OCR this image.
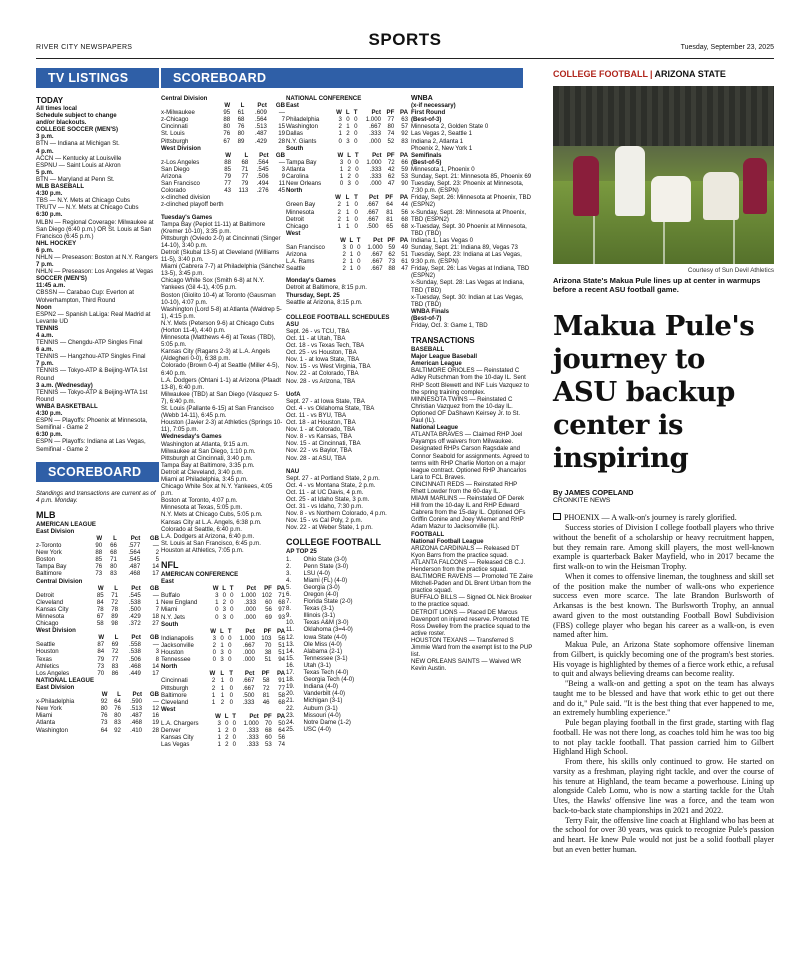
RIVER CITY NEWSPAPERS	SPORTS	Tuesday, September 23, 2025
TV LISTINGS
TODAY
All times local
Schedule subject to change
and/or blackouts.
COLLEGE SOCCER (MEN'S)
3 p.m.
BTN — Indiana at Michigan St.
4 p.m.
ACCN — Kentucky at Louisville
ESPNU — Saint Louis at Akron
5 p.m.
BTN — Maryland at Penn St.
MLB BASEBALL
4:30 p.m.
TBS — N.Y. Mets at Chicago Cubs
TRUTV — N.Y. Mets at Chicago Cubs
6:30 p.m.
MLBN — Regional Coverage: Milwaukee at San Diego (6:40 p.m.) OR St. Louis at San Francisco (6:45 p.m.)
NHL HOCKEY
6 p.m.
NHLN — Preseason: Boston at N.Y. Rangers
7 p.m.
NHLN — Preseason: Los Angeles at Vegas
SOCCER (MEN'S)
11:45 a.m.
CBSSN — Carabao Cup: Everton at Wolverhampton, Third Round
Noon
ESPN2 — Spanish LaLiga: Real Madrid at Levante UD
TENNIS
4 a.m.
TENNIS — Chengdu-ATP Singles Final
6 a.m.
TENNIS — Hangzhou-ATP Singles Final
7 p.m.
TENNIS — Tokyo-ATP & Beijing-WTA 1st Round
3 a.m. (Wednesday)
TENNIS — Tokyo-ATP & Beijing-WTA 1st Round
WNBA BASKETBALL
4:30 p.m.
ESPN — Playoffs: Phoenix at Minnesota, Semifinal - Game 2
6:30 p.m.
ESPN — Playoffs: Indiana at Las Vegas, Semifinal - Game 2
SCOREBOARD
Standings and transactions are current as of 4 p.m. Monday.
MLB
AMERICAN LEAGUE
East Division
	W	L	Pct	GB
z-Toronto	90	66	.577	—
New York	88	68	.564	2
Boston	85	71	.545	5
Tampa Bay	76	80	.487	14
Baltimore	73	83	.468	17
Central Division
	W	L	Pct	GB
Detroit	85	71	.545	—
Cleveland	84	72	.538	1
Kansas City	78	78	.500	7
Minnesota	67	89	.429	18
Chicago	58	98	.372	27
West Division
	W	L	Pct	GB
Seattle	87	69	.558	—
Houston	84	72	.538	3
Texas	79	77	.506	8
Athletics	73	83	.468	14
Los Angeles	70	86	.449	17
NATIONAL LEAGUE
East Division
	W	L	Pct	GB
x-Philadelphia	92	64	.590	—
New York	80	76	.513	12
Miami	76	80	.487	16
Atlanta	73	83	.468	19
Washington	64	92	.410	28
SCOREBOARD
Central Division
	W	L	Pct	GB
x-Milwaukee	95	61	.609	—
z-Chicago	88	68	.564	7
Cincinnati	80	76	.513	15
St. Louis	76	80	.487	19
Pittsburgh	67	89	.429	28
West Division
	W	L	Pct	GB
z-Los Angeles	88	68	.564	—
San Diego	85	71	.545	3
Arizona	79	77	.506	9
San Francisco	77	79	.494	11
Colorado	43	113	.276	45
x-clinched division
z-clinched playoff berth
Tuesday's Games
Tampa Bay (Pepiot 11-11) at Baltimore (Kremer 10-10), 3:35 p.m.
Pittsburgh (Oviedo 2-0) at Cincinnati (Singer 14-10), 3:40 p.m.
Detroit (Skubal 13-5) at Cleveland (Williams 11-5), 3:40 p.m.
Miami (Cabrera 7-7) at Philadelphia (Sánchez 13-5), 3:45 p.m.
Chicago White Sox (Smith 6-8) at N.Y. Yankees (Gil 4-1), 4:05 p.m.
Boston (Giolito 10-4) at Toronto (Gausman 10-10), 4:07 p.m.
Washington (Lord 5-8) at Atlanta (Waldrep 5-1), 4:15 p.m.
N.Y. Mets (Peterson 9-6) at Chicago Cubs (Horton 11-4), 4:40 p.m.
Minnesota (Matthews 4-6) at Texas (TBD), 5:05 p.m.
Kansas City (Ragans 2-3) at L.A. Angels (Aldegheri 0-0), 6:38 p.m.
Colorado (Brown 0-4) at Seattle (Miller 4-5), 6:40 p.m.
L.A. Dodgers (Ohtani 1-1) at Arizona (Pfaadt 13-8), 6:40 p.m.
Milwaukee (TBD) at San Diego (Vásquez 5-7), 6:40 p.m.
St. Louis (Pallante 6-15) at San Francisco (Webb 14-11), 6:45 p.m.
Houston (Javier 2-3) at Athletics (Springs 10-11), 7:05 p.m.
Wednesday's Games
Washington at Atlanta, 9:15 a.m.
Milwaukee at San Diego, 1:10 p.m.
Pittsburgh at Cincinnati, 3:40 p.m.
Tampa Bay at Baltimore, 3:35 p.m.
Detroit at Cleveland, 3:40 p.m.
Miami at Philadelphia, 3:45 p.m.
Chicago White Sox at N.Y. Yankees, 4:05 p.m.
Boston at Toronto, 4:07 p.m.
Minnesota at Texas, 5:05 p.m.
N.Y. Mets at Chicago Cubs, 5:05 p.m.
Kansas City at L.A. Angels, 6:38 p.m.
Colorado at Seattle, 6:40 p.m.
L.A. Dodgers at Arizona, 6:40 p.m.
St. Louis at San Francisco, 6:45 p.m.
Houston at Athletics, 7:05 p.m.
NFL
AMERICAN CONFERENCE
East
	W	L	T	Pct	PF	PA
Buffalo	3	0	0	1.000	102	71
New England	1	2	0	.333	60	68
Miami	0	3	0	.000	56	97
N.Y. Jets	0	3	0	.000	69	93
South
	W	L	T	Pct	PF	PA
Indianapolis	3	0	0	1.000	103	56
Jacksonville	2	1	0	.667	70	51
Houston	0	3	0	.000	38	51
Tennessee	0	3	0	.000	51	94
North
	W	L	T	Pct	PF	PA
Cincinnati	2	1	0	.667	58	91
Pittsburgh	2	1	0	.667	72	77
Baltimore	1	1	0	.500	81	58
Cleveland	1	2	0	.333	46	68
West
	W	L	T	Pct	PF	PA
L.A. Chargers	3	0	0	1.000	70	50
Denver	1	2	0	.333	68	64
Kansas City	1	2	0	.333	60	56
Las Vegas	1	2	0	.333	53	74
NATIONAL CONFERENCE
East
	W	L	T	Pct	PF	PA
Philadelphia	3	0	0	1.000	77	63
Washington	2	1	0	.667	80	57
Dallas	1	2	0	.333	74	92
N.Y. Giants	0	3	0	.000	52	83
South
	W	L	T	Pct	PF	PA
Tampa Bay	3	0	0	1.000	72	66
Atlanta	1	2	0	.333	42	59
Carolina	1	2	0	.333	62	53
New Orleans	0	3	0	.000	47	90
North
	W	L	T	Pct	PF	PA
Green Bay	2	1	0	.667	64	44
Minnesota	2	1	0	.667	81	56
Detroit	2	1	0	.667	81	68
Chicago	1	1	0	.500	65	68
West
	W	L	T	Pct	PF	PA
San Francisco	3	0	0	1.000	59	49
Arizona	2	1	0	.667	62	51
L.A. Rams	2	1	0	.667	73	61
Seattle	2	1	0	.667	88	47
Monday's Games
Detroit at Baltimore, 8:15 p.m.
Thursday, Sept. 25
Seattle at Arizona, 8:15 p.m.
COLLEGE FOOTBALL SCHEDULES
ASU
Sept. 26 - vs TCU, TBA
Oct. 11 - at Utah, TBA
Oct. 18 - vs Texas Tech, TBA
Oct. 25 - vs Houston, TBA
Nov. 1 - at Iowa State, TBA
Nov. 15 - vs West Virginia, TBA
Nov. 22 - at Colorado, TBA
Nov. 28 - vs Arizona, TBA
UofA
Sept. 27 - at Iowa State, TBA
Oct. 4 - vs Oklahoma State, TBA
Oct. 11 - vs BYU, TBA
Oct. 18 - at Houston, TBA
Nov. 1 - at Colorado, TBA
Nov. 8 - vs Kansas, TBA
Nov. 15 - at Cincinnati, TBA
Nov. 22 - vs Baylor, TBA
Nov. 28 - at ASU, TBA
NAU
Sept. 27 - at Portland State, 2 p.m.
Oct. 4 - vs Montana State, 2 p.m.
Oct. 11 - at UC Davis, 4 p.m.
Oct. 25 - at Idaho State, 3 p.m.
Oct. 31 - vs Idaho, 7:30 p.m.
Nov. 8 - vs Northern Colorado, 4 p.m.
Nov. 15 - vs Cal Poly, 2 p.m.
Nov. 22 - at Weber State, 1 p.m.
COLLEGE FOOTBALL
AP TOP 25
1.	Ohio State (3-0)
2.	Penn State (3-0)
3.	LSU (4-0)
4.	Miami (FL) (4-0)
5.	Georgia (3-0)
6.	Oregon (4-0)
7.	Florida State (2-0)
8.	Texas (3-1)
9.	Illinois (3-1)
10.	Texas A&M (3-0)
11.	Oklahoma (3=4-0)
12.	Iowa State (4-0)
13.	Ole Miss (4-0)
14.	Alabama (2-1)
15.	Tennessee (3-1)
16.	Utah (3-1)
17.	Texas Tech (4-0)
18.	Georgia Tech (4-0)
19.	Indiana (4-0)
20.	Vanderbilt (4-0)
21.	Michigan (3-1)
22.	Auburn (3-1)
23.	Missouri (4-0)
24.	Notre Dame (1-2)
25.	USC (4-0)
WNBA
(x-if necessary)
First Round
(Best-of-3)
Minnesota 2, Golden State 0
Las Vegas 2, Seattle 1
Indiana 2, Atlanta 1
Phoenix 2, New York 1
Semifinals
(Best-of-5)
Minnesota 1, Phoenix 0
Sunday, Sept. 21: Minnesota 85, Phoenix 69
Tuesday, Sept. 23: Phoenix at Minnesota, 7:30 p.m. (ESPN)
Friday, Sept. 26: Minnesota at Phoenix, TBD (ESPN2)
x-Sunday, Sept. 28: Minnesota at Phoenix, TBD (ESPN2)
x-Tuesday, Sept. 30 Phoenix at Minnesota, TBD (TBD)
Indiana 1, Las Vegas 0
Sunday, Sept. 21: Indiana 89, Vegas 73
Tuesday, Sept. 23: Indiana at Las Vegas, 9:30 p.m. (ESPN)
Friday, Sept. 26: Las Vegas at Indiana, TBD (ESPN2)
x-Sunday, Sept. 28: Las Vegas at Indiana, TBD (TBD)
x-Tuesday, Sept. 30: Indian at Las Vegas, TBD (TBD)
WNBA Finals
(Best-of-7)
Friday, Oct. 3: Game 1, TBD
TRANSACTIONS
BASEBALL
Major League Baseball
American League
BALTIMORE ORIOLES — Reinstated C Adley Rutschman from the 10-day IL. Sent RHP Scott Blewett and INF Luis Vazquez to the spring training complex.
MINNESOTA TWINS — Reinstated C Christian Vazquez from the 10-day IL. Optioned OF DaShawn Keirsey Jr. to St. Paul (IL).
National League
ATLANTA BRAVES — Claimed RHP Joel Payamps off waivers from Milwaukee. Designated RHPs Carson Ragsdale and Connor Seabold for assignments. Agreed to terms with RHP Charlie Morton on a major league contract. Optioned RHP Jhancarlos Lara to FCL Braves.
CINCINNATI REDS — Reinstated RHP Rhett Lowder from the 60-day IL.
MIAMI MARLINS — Reinstated OF Derek Hill from the 10-day IL and RHP Edward Cabrera from the 15-day IL. Optioned OFs Griffin Conine and Joey Wiemer and RHP Adam Mazur to Jacksonville (IL).
FOOTBALL
National Football League
ARIZONA CARDINALS — Released DT Kyon Barrs from the practice squad.
ATLANTA FALCONS — Released CB C.J. Henderson from the practice squad.
BALTIMORE RAVENS — Promoted TE Zaire Mitchell-Paden and DL Brent Urban from the practice squad.
BUFFALO BILLS — Signed OL Nick Broeker to the practice squad.
DETROIT LIONS — Placed DE Marcus Davenport on injured reserve. Promoted TE Ross Dwelley from the practice squad to the active roster.
HOUSTON TEXANS — Transferred S Jimmie Ward from the exempt list to the PUP list.
NEW ORLEANS SAINTS — Waived WR Kevin Austin.
COLLEGE FOOTBALL | ARIZONA STATE
Courtesy of Sun Devil Athletics
Arizona State's Makua Pule lines up at center in warmups before a recent ASU football game.
Makua Pule's journey to ASU backup center is inspiring
By JAMES COPELAND
CRONKITE NEWS

PHOENIX — A walk-on's journey is rarely glorified.

Success stories of Division I college football players who thrive without the benefit of a scholarship or heavy recruitment happen, but they remain rare. Among skill players, the most well-known example is quarterback Baker Mayfield, who in 2017 became the first walk-on to win the Heisman Trophy.

When it comes to offensive lineman, the toughness and skill set of the position make the number of walk-ons who experience success even more scarce. The late Brandon Burlsworth of Arkansas is the best known. The Burlsworth Trophy, an annual award given to the most outstanding Football Bowl Subdivision (FBS) college player who began his career as a walk-on, is even named after him.

Makua Pule, an Arizona State sophomore offensive lineman from Gilbert, is quickly becoming one of the program's best stories. His voyage is highlighted by themes of a fierce work ethic, a refusal to quit and always believing dreams can become reality.

"Being a walk-on and getting a spot on the team has always taught me to be blessed and have that work ethic to get out there and do it," Pule said. "It is the best thing that ever happened to me, an extremely humbling experience."

Pule began playing football in the first grade, starting with flag football. He was not there long, as coaches told him he was too big to not play tackle football. That passion carried him to Gilbert Highland High School.

From there, his skills only continued to grow. He started on varsity as a freshman, playing right tackle, and over the course of his tenure at Highland, the team became a powerhouse. Lining up alongside Caleb Lomu, who is now a starting tackle for the Utah Utes, the Hawks' offensive line was a force, and the team won back-to-back state championships in 2021 and 2022.

Terry Fair, the offensive line coach at Highland who has been at the school for over 30 years, was quick to recognize Pule's passion and heart. He knew Pule would not just be a solid football player but an even better human.
